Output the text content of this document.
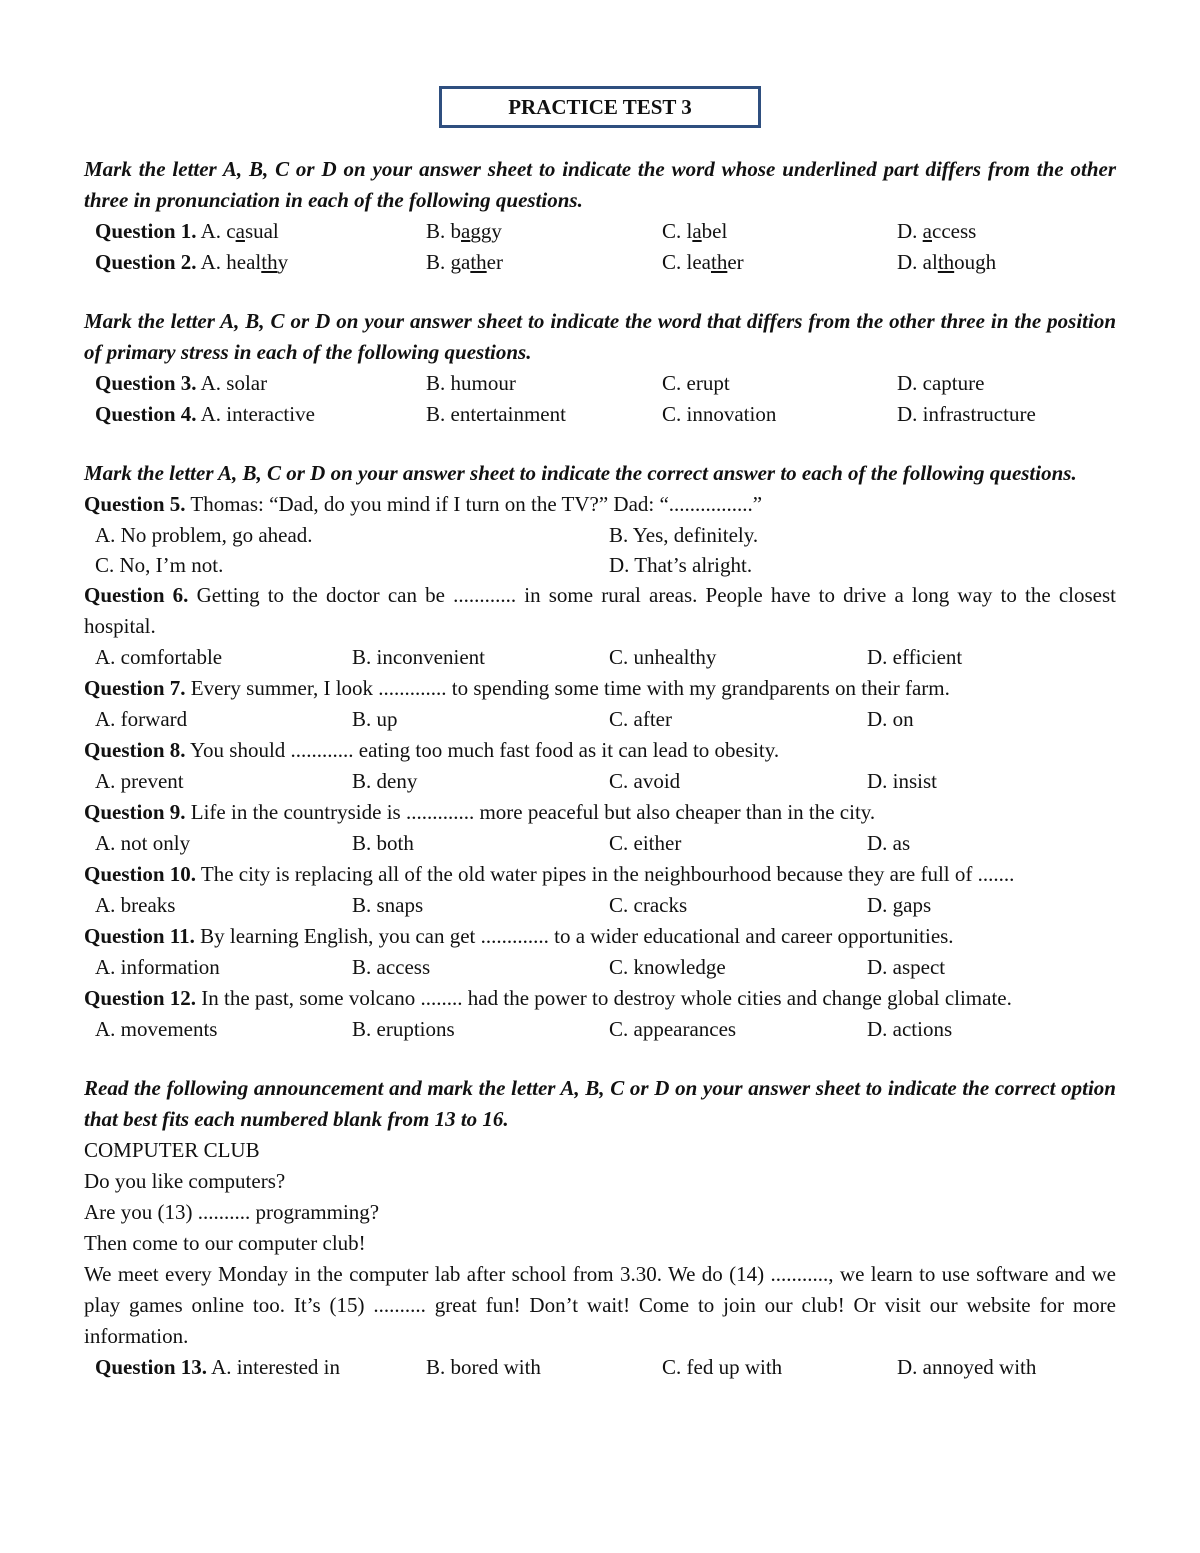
PRACTICE TEST 3
Mark the letter A, B, C or D on your answer sheet to indicate the word whose underlined part differs from the other three in pronunciation in each of the following questions.
Question 1. A. casual	B. baggy	C. label	D. access
Question 2. A. healthy	B. gather	C. leather	D. although
Mark the letter A, B, C or D on your answer sheet to indicate the word that differs from the other three in the position of primary stress in each of the following questions.
Question 3. A. solar	B. humour	C. erupt	D. capture
Question 4. A. interactive	B. entertainment	C. innovation	D. infrastructure
Mark the letter A, B, C or D on your answer sheet to indicate the correct answer to each of the following questions.
Question 5. Thomas: “Dad, do you mind if I turn on the TV?” Dad: “................”
A. No problem, go ahead.	B. Yes, definitely.
C. No, I’m not.	D. That’s alright.
Question 6. Getting to the doctor can be ............ in some rural areas. People have to drive a long way to the closest hospital.
A. comfortable	B. inconvenient	C. unhealthy	D. efficient
Question 7. Every summer, I look ............. to spending some time with my grandparents on their farm.
A. forward	B. up	C. after	D. on
Question 8. You should ............ eating too much fast food as it can lead to obesity.
A. prevent	B. deny	C. avoid	D. insist
Question 9. Life in the countryside is ............. more peaceful but also cheaper than in the city.
A. not only	B. both	C. either	D. as
Question 10. The city is replacing all of the old water pipes in the neighbourhood because they are full of .......
A. breaks	B. snaps	C. cracks	D. gaps
Question 11. By learning English, you can get ............. to a wider educational and career opportunities.
A. information	B. access	C. knowledge	D. aspect
Question 12. In the past, some volcano ........ had the power to destroy whole cities and change global climate.
A. movements	B. eruptions	C. appearances	D. actions
Read the following announcement and mark the letter A, B, C or D on your answer sheet to indicate the correct option that best fits each numbered blank from 13 to 16.
COMPUTER CLUB
Do you like computers?
Are you (13) .......... programming?
Then come to our computer club!
We meet every Monday in the computer lab after school from 3.30. We do (14) ..........., we learn to use software and we play games online too. It’s (15) .......... great fun! Don’t wait! Come to join our club! Or visit our website for more information.
Question 13. A. interested in	B. bored with	C. fed up with	D. annoyed with
